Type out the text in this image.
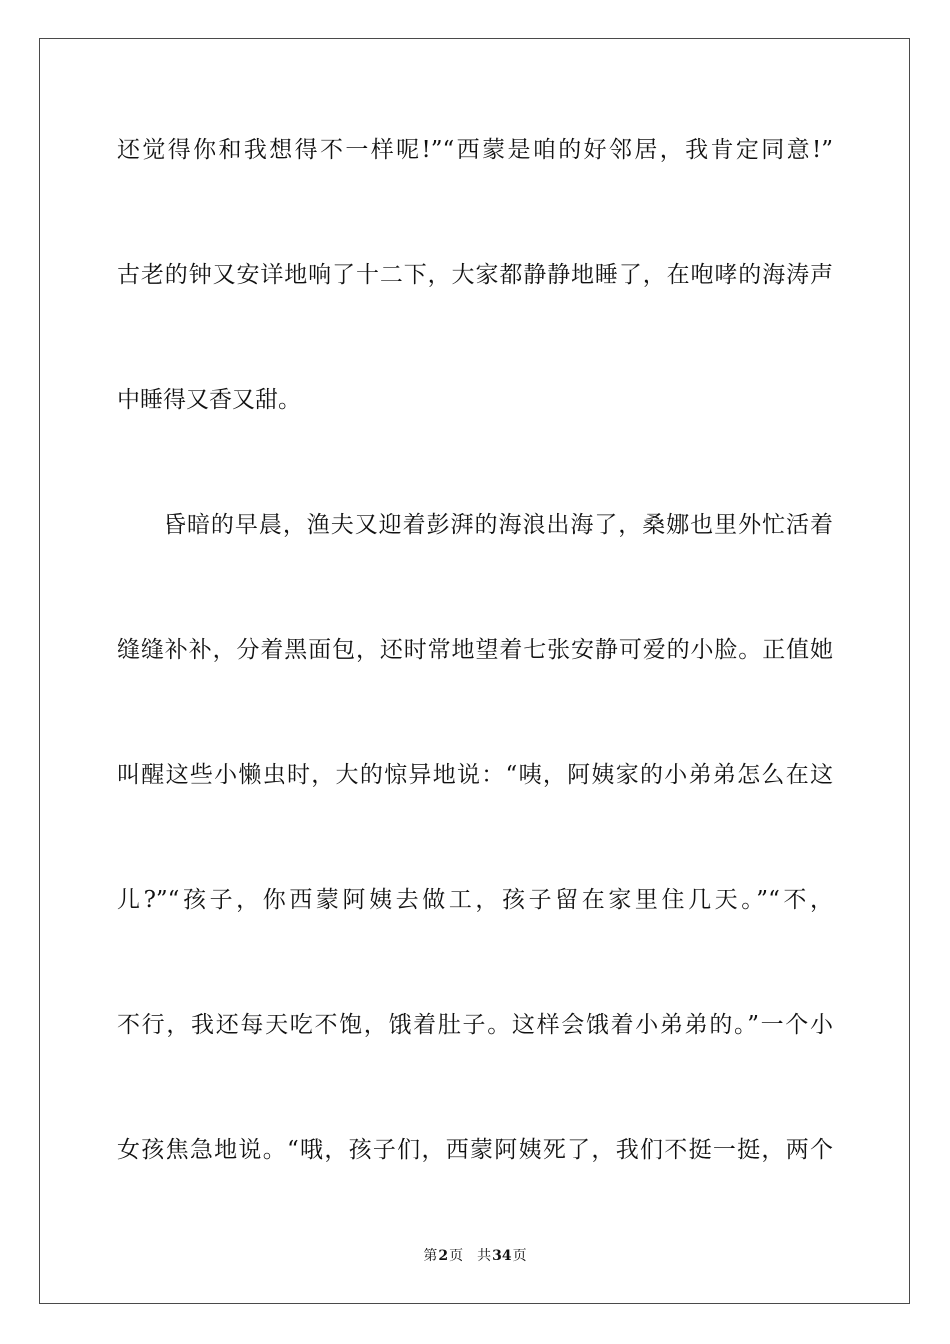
还觉得你和我想得不一样呢!”“西蒙是咱的好邻居，我肯定同意!”
古老的钟又安详地响了十二下，大家都静静地睡了，在咆哮的海涛声
中睡得又香又甜。
昏暗的早晨，渔夫又迎着彭湃的海浪出海了，桑娜也里外忙活着
缝缝补补，分着黑面包，还时常地望着七张安静可爱的小脸。正值她
叫醒这些小懒虫时，大的惊异地说：“咦，阿姨家的小弟弟怎么在这
儿?”“孩子，你西蒙阿姨去做工，孩子留在家里住几天。”“不，
不行，我还每天吃不饱，饿着肚子。这样会饿着小弟弟的。”一个小
女孩焦急地说。“哦，孩子们，西蒙阿姨死了，我们不挺一挺，两个
第2页 共34页
